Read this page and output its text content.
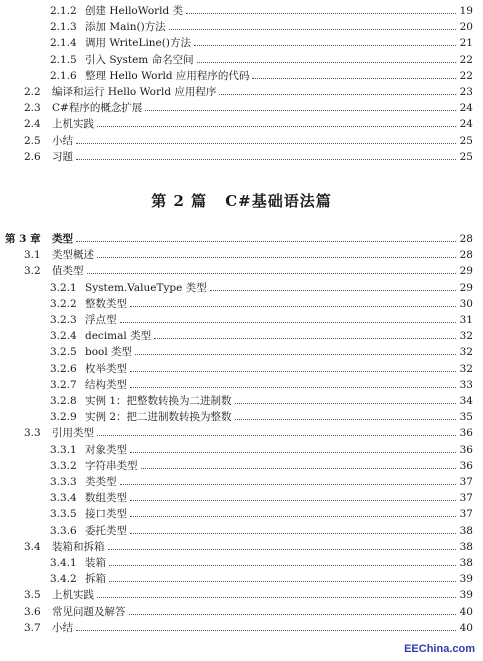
2.1.2 创建 HelloWorld 类	19
2.1.3 添加 Main()方法	20
2.1.4 调用 WriteLine()方法	21
2.1.5 引入 System 命名空间	22
2.1.6 整理 Hello World 应用程序的代码	22
2.2 编译和运行 Hello World 应用程序	23
2.3 C#程序的概念扩展	24
2.4 上机实践	24
2.5 小结	25
2.6 习题	25
第 2 篇 C#基础语法篇
第 3 章 类型	28
3.1 类型概述	28
3.2 值类型	29
3.2.1 System.ValueType 类型	29
3.2.2 整数类型	30
3.2.3 浮点型	31
3.2.4 decimal 类型	32
3.2.5 bool 类型	32
3.2.6 枚举类型	32
3.2.7 结构类型	33
3.2.8 实例 1：把整数转换为二进制数	34
3.2.9 实例 2：把二进制数转换为整数	35
3.3 引用类型	36
3.3.1 对象类型	36
3.3.2 字符串类型	36
3.3.3 类类型	37
3.3.4 数组类型	37
3.3.5 接口类型	37
3.3.6 委托类型	38
3.4 装箱和拆箱	38
3.4.1 装箱	38
3.4.2 拆箱	39
3.5 上机实践	39
3.6 常见问题及解答	40
3.7 小结	40
EEChina.com
